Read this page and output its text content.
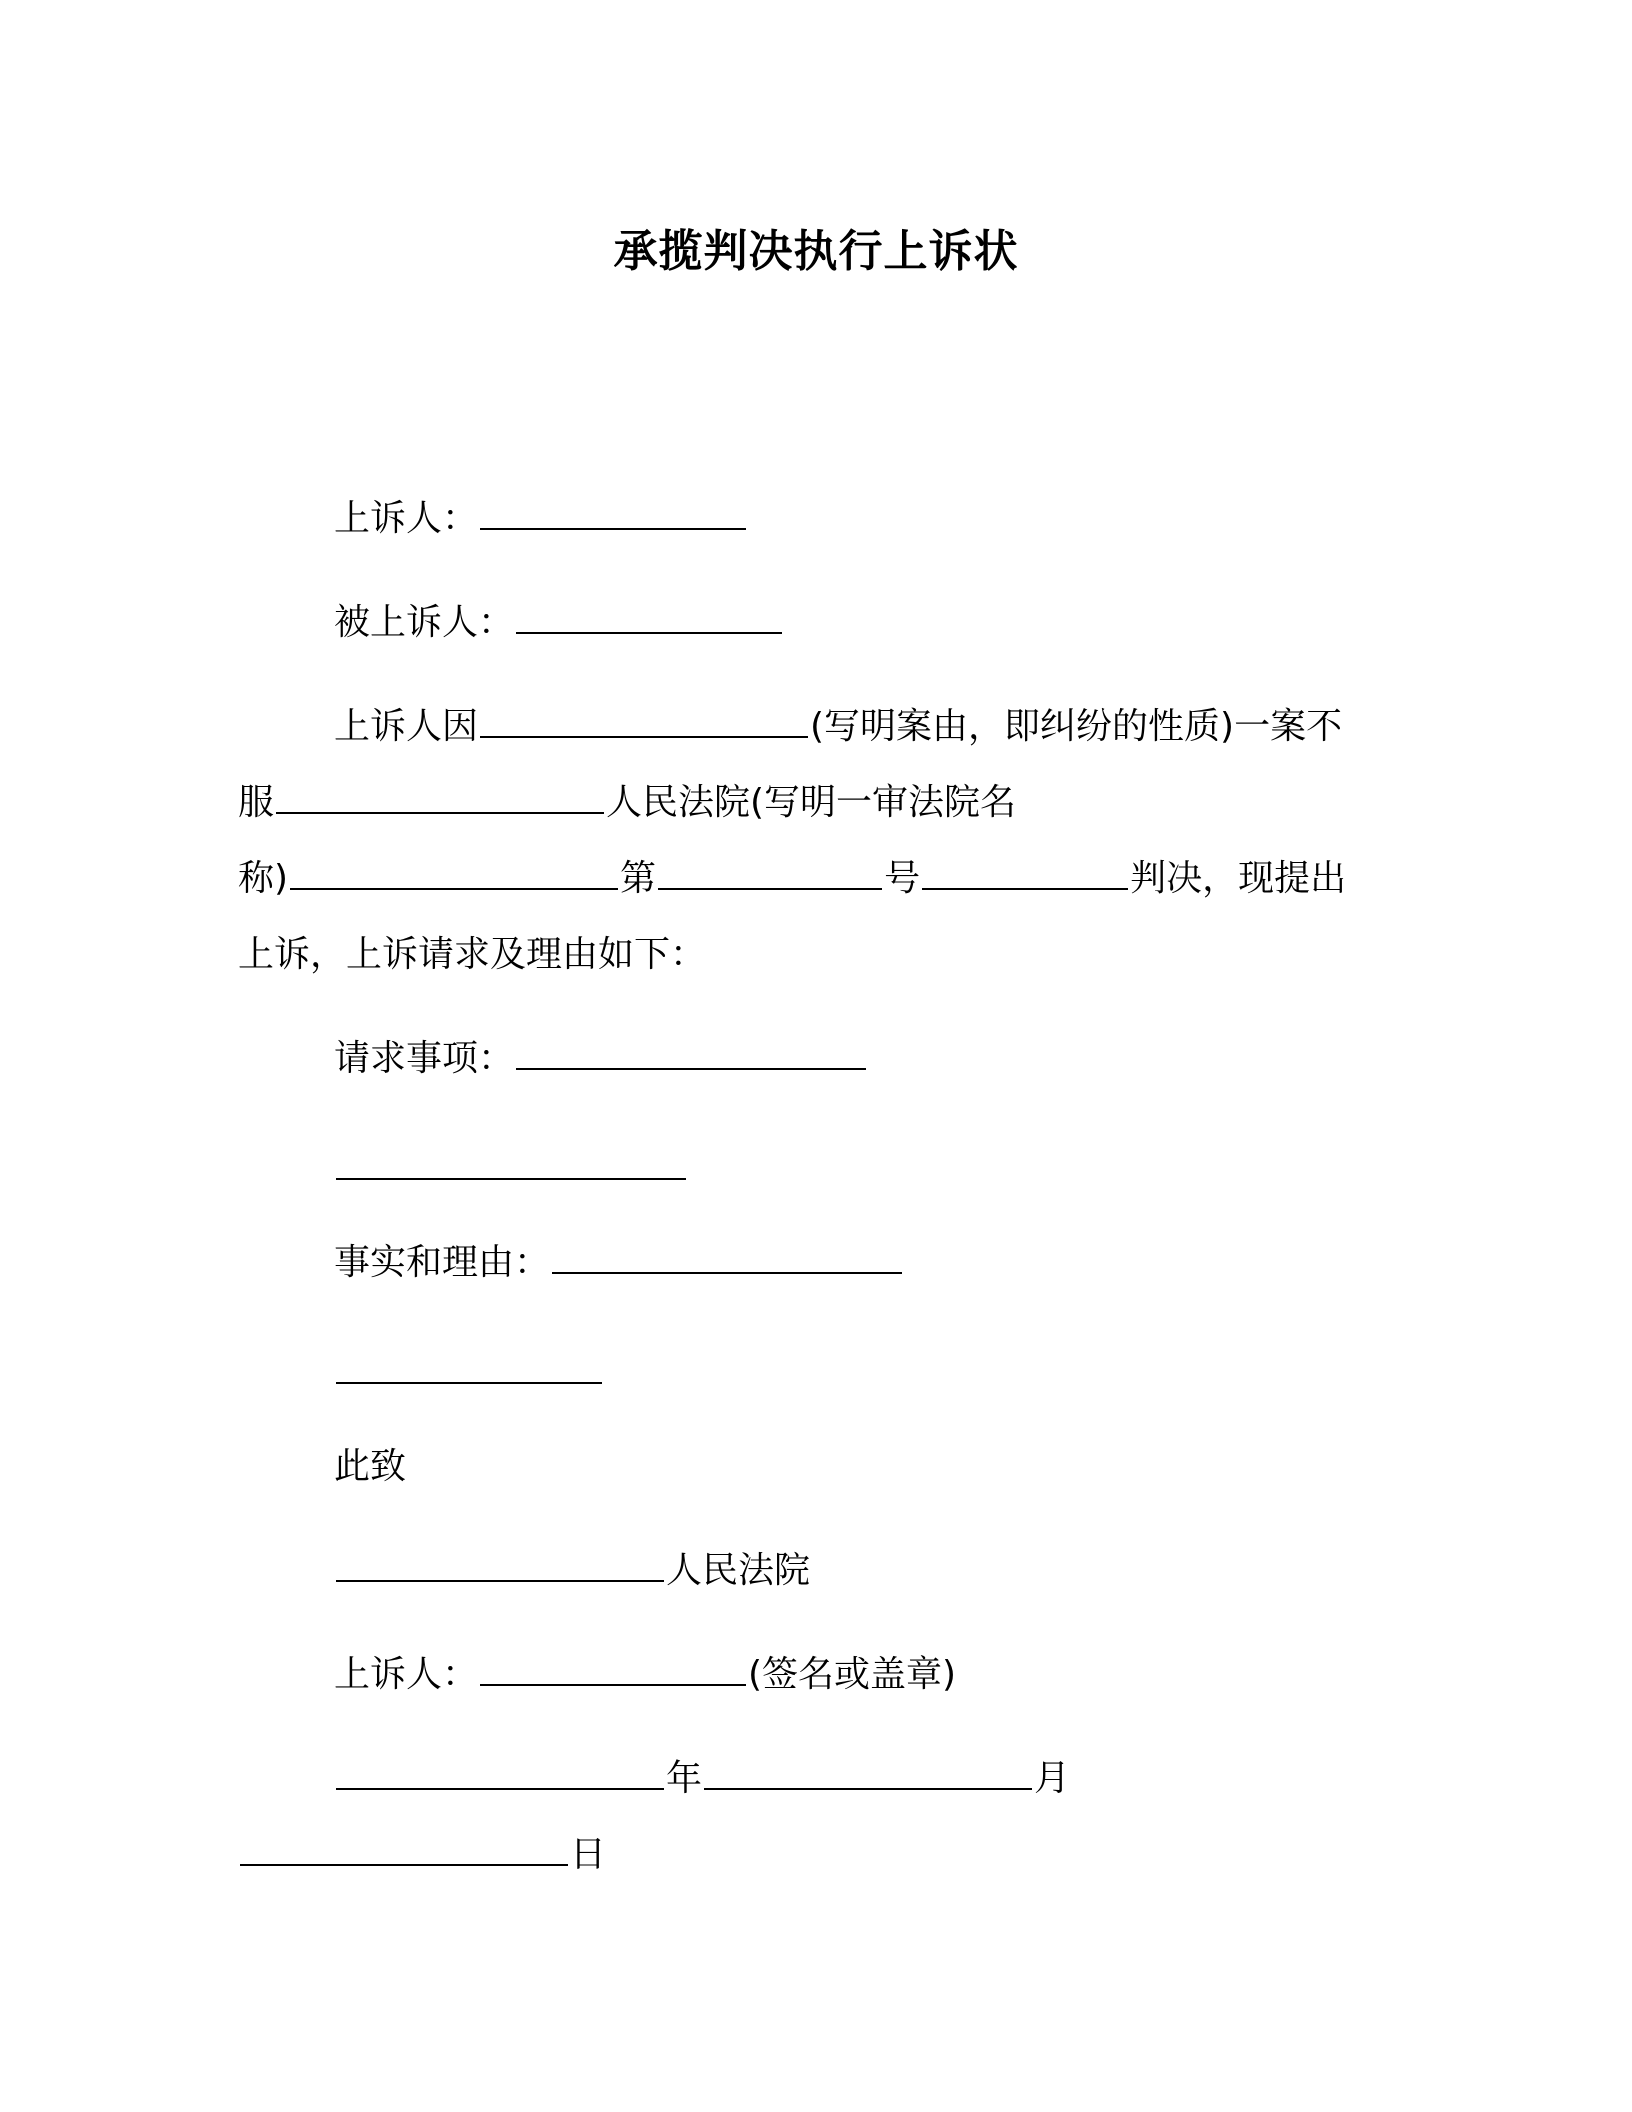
承揽判决执行上诉状
上诉人：
被上诉人：
上诉人因	(写明案由，即纠纷的性质)一案不
服	人民法院(写明一审法院名
称)	第	号	判决，现提出
上诉，上诉请求及理由如下：
请求事项：
事实和理由：
此致
人民法院
上诉人：	(签名或盖章)
年	月
日
